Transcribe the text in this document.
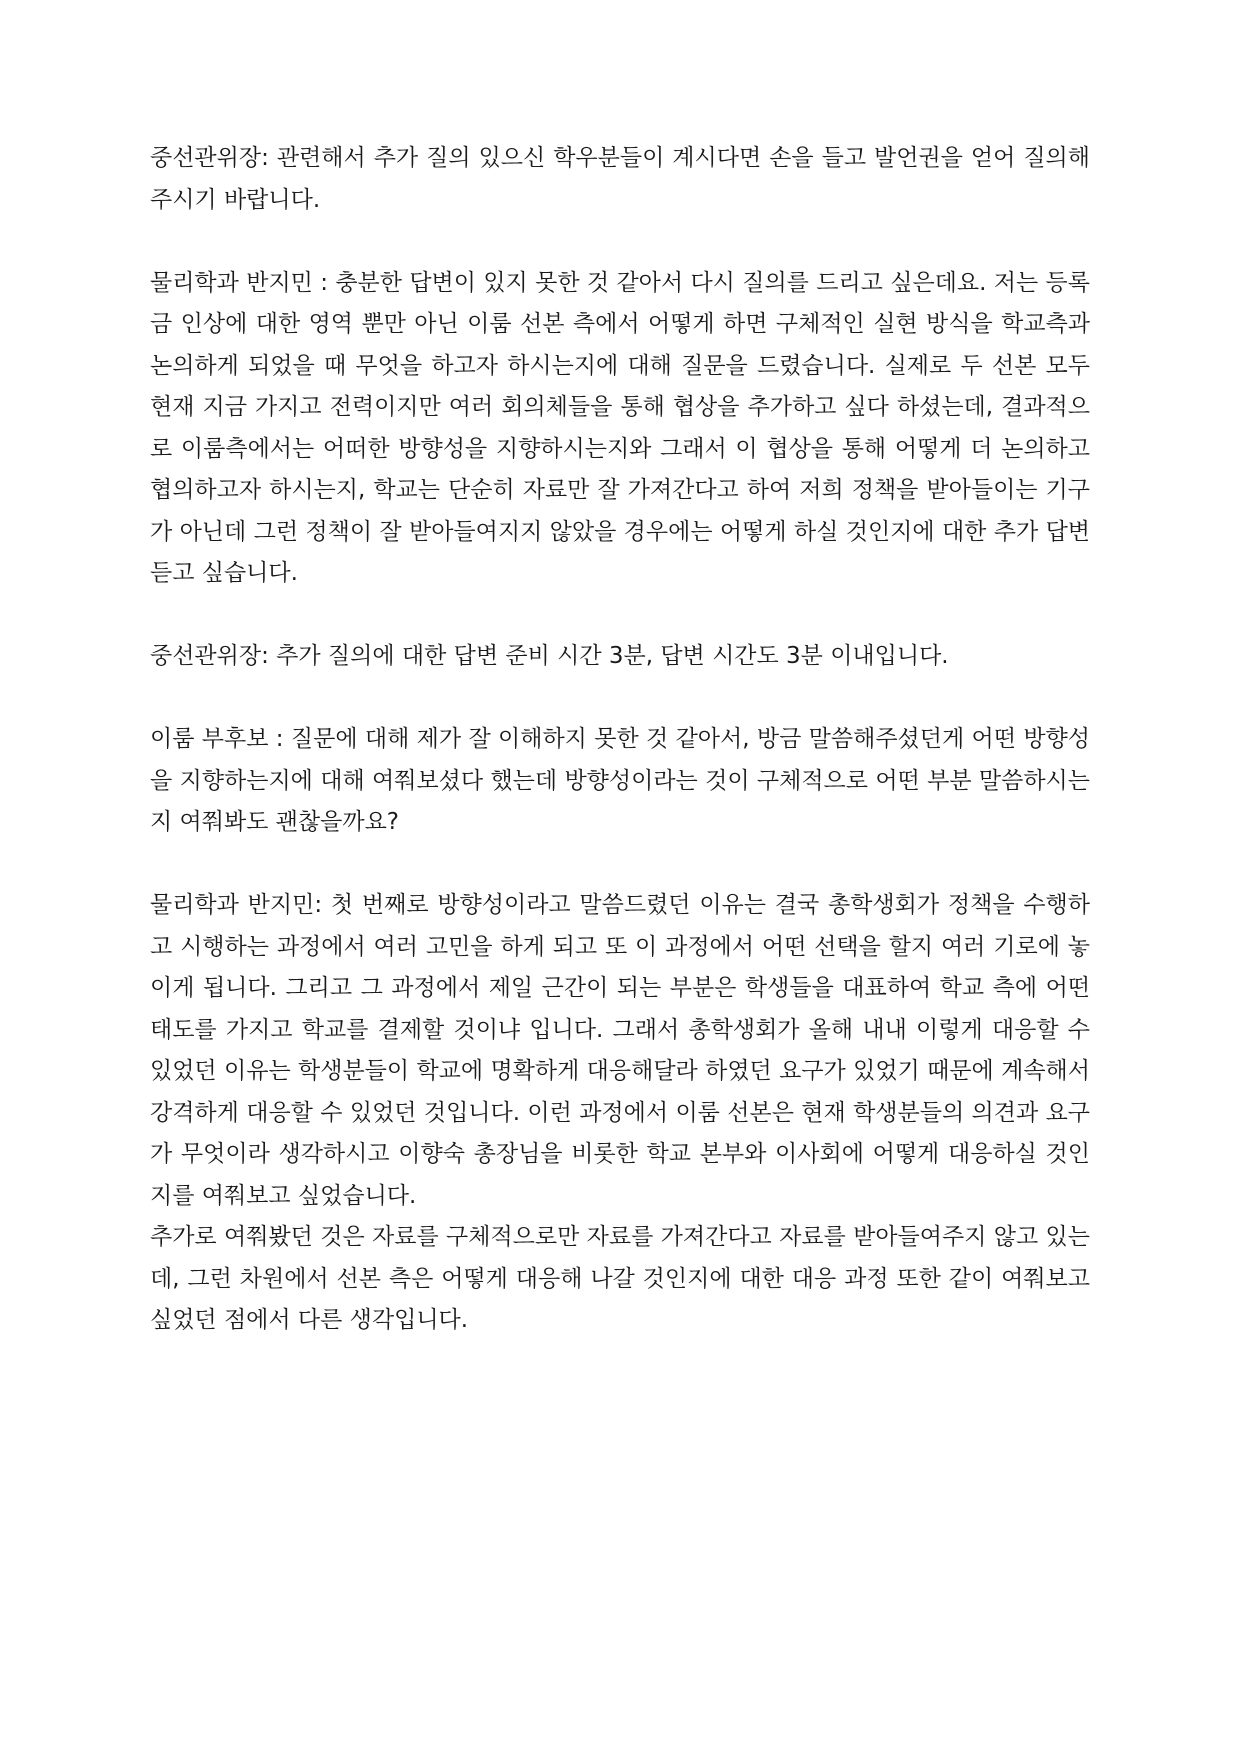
중선관위장: 관련해서 추가 질의 있으신 학우분들이 계시다면 손을 들고 발언권을 얻어 질의해 주시기 바랍니다.

물리학과 반지민 : 충분한 답변이 있지 못한 것 같아서 다시 질의를 드리고 싶은데요. 저는 등록금 인상에 대한 영역 뿐만 아닌 이룸 선본 측에서 어떻게 하면 구체적인 실현 방식을 학교측과 논의하게 되었을 때 무엇을 하고자 하시는지에 대해 질문을 드렸습니다. 실제로 두 선본 모두 현재 지금 가지고 전력이지만 여러 회의체들을 통해 협상을 추가하고 싶다 하셨는데, 결과적으로 이룸측에서는 어떠한 방향성을 지향하시는지와 그래서 이 협상을 통해 어떻게 더 논의하고 협의하고자 하시는지, 학교는 단순히 자료만 잘 가져간다고 하여 저희 정책을 받아들이는 기구가 아닌데 그런 정책이 잘 받아들여지지 않았을 경우에는 어떻게 하실 것인지에 대한 추가 답변 듣고 싶습니다.

중선관위장: 추가 질의에 대한 답변 준비 시간 3분, 답변 시간도 3분 이내입니다.

이룸 부후보 : 질문에 대해 제가 잘 이해하지 못한 것 같아서, 방금 말씀해주셨던게 어떤 방향성을 지향하는지에 대해 여쭤보셨다 했는데 방향성이라는 것이 구체적으로 어떤 부분 말씀하시는지 여쭤봐도 괜찮을까요?

물리학과 반지민: 첫 번째로 방향성이라고 말씀드렸던 이유는 결국 총학생회가 정책을 수행하고 시행하는 과정에서 여러 고민을 하게 되고 또 이 과정에서 어떤 선택을 할지 여러 기로에 놓이게 됩니다. 그리고 그 과정에서 제일 근간이 되는 부분은 학생들을 대표하여 학교 측에 어떤 태도를 가지고 학교를 결제할 것이냐 입니다. 그래서 총학생회가 올해 내내 이렇게 대응할 수 있었던 이유는 학생분들이 학교에 명확하게 대응해달라 하였던 요구가 있었기 때문에 계속해서 강격하게 대응할 수 있었던 것입니다. 이런 과정에서 이룸 선본은 현재 학생분들의 의견과 요구가 무엇이라 생각하시고 이향숙 총장님을 비롯한 학교 본부와 이사회에 어떻게 대응하실 것인지를 여쭤보고 싶었습니다.

추가로 여쭤봤던 것은 자료를 구체적으로만 자료를 가져간다고 자료를 받아들여주지 않고 있는데, 그런 차원에서 선본 측은 어떻게 대응해 나갈 것인지에 대한 대응 과정 또한 같이 여쭤보고 싶었던 점에서 다른 생각입니다.
